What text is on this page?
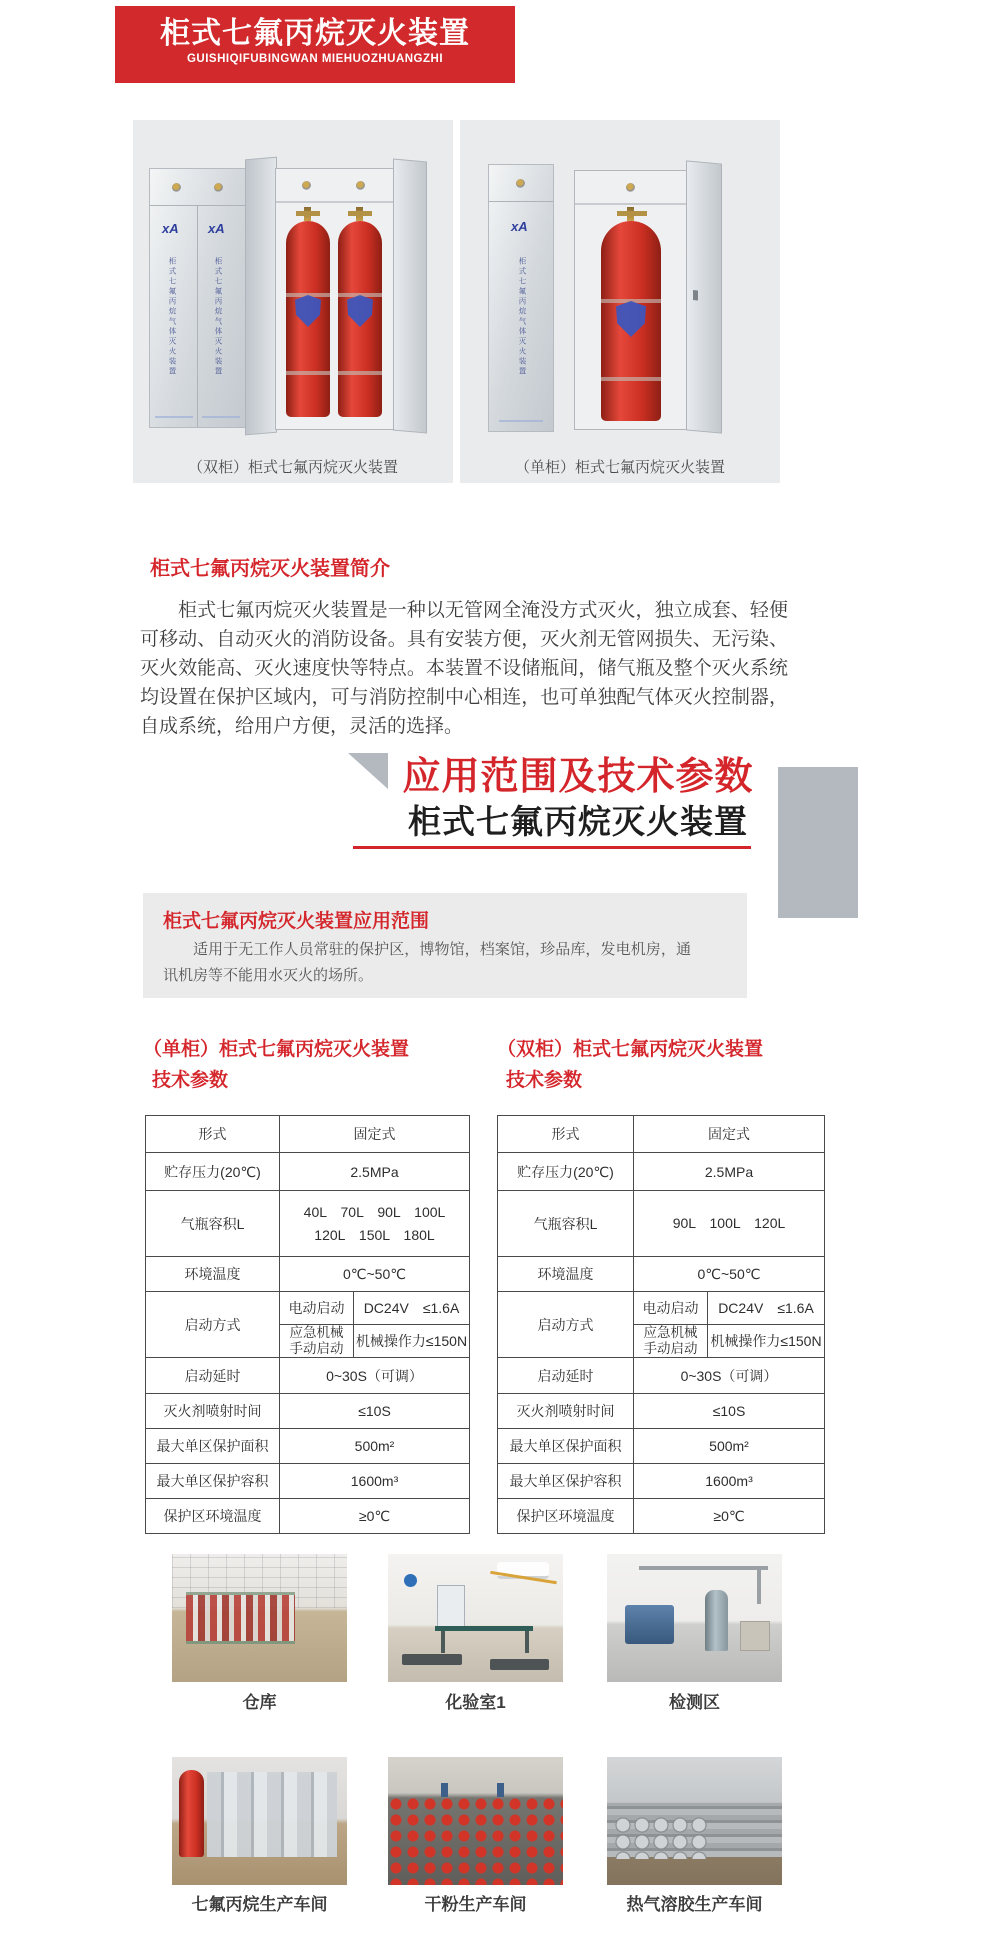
柜式七氟丙烷灭火装置
GUISHIQIFUBINGWAN MIEHUOZHUANGZHI
xA xA
柜式七氟丙烷气体灭火装置	柜式七氟丙烷气体灭火装置
（双柜）柜式七氟丙烷灭火装置
xA
柜式七氟丙烷气体灭火装置
（单柜）柜式七氟丙烷灭火装置
柜式七氟丙烷灭火装置简介
柜式七氟丙烷灭火装置是一种以无管网全淹没方式灭火，独立成套、轻便可移动、自动灭火的消防设备。具有安装方便，灭火剂无管网损失、无污染、灭火效能高、灭火速度快等特点。本装置不设储瓶间，储气瓶及整个灭火系统均设置在保护区域内，可与消防控制中心相连，也可单独配气体灭火控制器，自成系统，给用户方便，灵活的选择。
应用范围及技术参数
柜式七氟丙烷灭火装置
柜式七氟丙烷灭火装置应用范围
适用于无工作人员常驻的保护区，博物馆，档案馆，珍品库，发电机房，通讯机房等不能用水灭火的场所。
（单柜）柜式七氟丙烷灭火装置
技术参数
（双柜）柜式七氟丙烷灭火装置
技术参数
形式	固定式	
贮存压力(20℃)	2.5MPa	
气瓶容积L	40L　70L　90L　100L
120L　150L　180L	

环境温度	0℃~50℃	
启动方式	电动启动	DC24V　≤1.6A

	应急机械
手动启动	机械操作力≤150N
启动延时	0~30S（可调）	
灭火剂喷射时间	≤10S	
最大单区保护面积	500m²	
最大单区保护容积	1600m³	
保护区环境温度	≥0℃	
形式	固定式	
贮存压力(20℃)	2.5MPa	
气瓶容积L	90L　100L　120L	

环境温度	0℃~50℃	
启动方式	电动启动	DC24V　≤1.6A

	应急机械
手动启动	机械操作力≤150N
启动延时	0~30S（可调）	
灭火剂喷射时间	≤10S	
最大单区保护面积	500m²	
最大单区保护容积	1600m³	
保护区环境温度	≥0℃	
仓库	化验室1	检测区
七氟丙烷生产车间	干粉生产车间	热气溶胶生产车间
